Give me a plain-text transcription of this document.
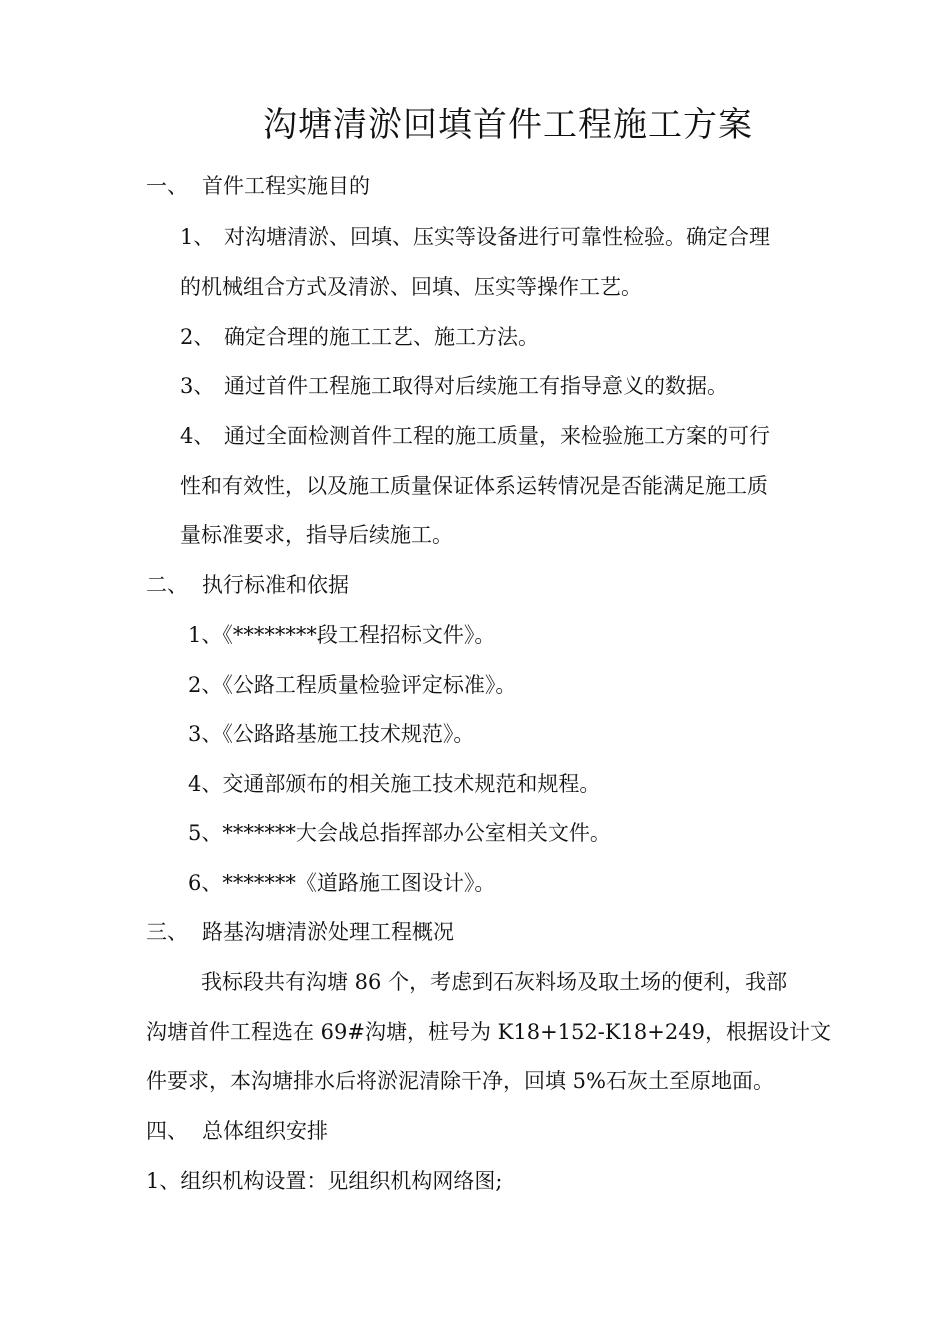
沟塘清淤回填首件工程施工方案
一、 首件工程实施目的
1、 对沟塘清淤、回填、压实等设备进行可靠性检验。确定合理
的机械组合方式及清淤、回填、压实等操作工艺。
2、 确定合理的施工工艺、施工方法。
3、 通过首件工程施工取得对后续施工有指导意义的数据。
4、 通过全面检测首件工程的施工质量，来检验施工方案的可行
性和有效性，以及施工质量保证体系运转情况是否能满足施工质
量标准要求，指导后续施工。
二、 执行标准和依据
1、《********段工程招标文件》。
2、《公路工程质量检验评定标准》。
3、《公路路基施工技术规范》。
4、交通部颁布的相关施工技术规范和规程。
5、*******大会战总指挥部办公室相关文件。
6、*******《道路施工图设计》。
三、 路基沟塘清淤处理工程概况
我标段共有沟塘 86 个，考虑到石灰料场及取土场的便利，我部
沟塘首件工程选在 69#沟塘，桩号为 K18+152-K18+249，根据设计文
件要求，本沟塘排水后将淤泥清除干净，回填 5%石灰土至原地面。
四、 总体组织安排
1、组织机构设置：见组织机构网络图;
